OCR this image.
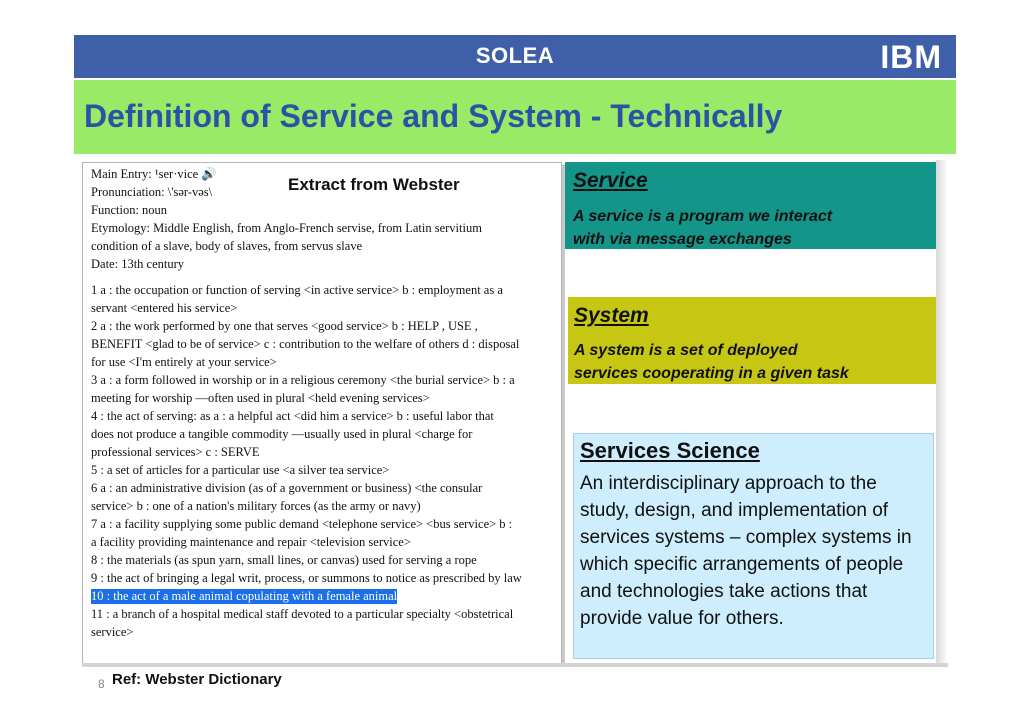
SOLEA	IBM
Definition of Service and System - Technically
Extract from Webster
Main Entry: ¹ser·vice 🔊
Pronunciation: \'sər-vəs\
Function: noun
Etymology: Middle English, from Anglo-French servise, from Latin servitium
condition of a slave, body of slaves, from servus slave
Date: 13th century
1 a : the occupation or function of serving <in active service> b : employment as a
servant <entered his service>
2 a : the work performed by one that serves <good service> b : HELP , USE ,
BENEFIT <glad to be of service> c : contribution to the welfare of others d : disposal
for use <I'm entirely at your service>
3 a : a form followed in worship or in a religious ceremony <the burial service> b : a
meeting for worship —often used in plural <held evening services>
4 : the act of serving: as a : a helpful act <did him a service> b : useful labor that
does not produce a tangible commodity —usually used in plural <charge for
professional services> c : SERVE
5 : a set of articles for a particular use <a silver tea service>
6 a : an administrative division (as of a government or business) <the consular
service> b : one of a nation's military forces (as the army or navy)
7 a : a facility supplying some public demand <telephone service> <bus service> b :
a facility providing maintenance and repair <television service>
8 : the materials (as spun yarn, small lines, or canvas) used for serving a rope
9 : the act of bringing a legal writ, process, or summons to notice as prescribed by law
10 : the act of a male animal copulating with a female animal
11 : a branch of a hospital medical staff devoted to a particular specialty <obstetrical
service>
Service
A service is a program we interact
with via message exchanges
System
A system is a set of deployed
services cooperating in a given task
Services Science
An interdisciplinary approach to the study, design, and implementation of services systems – complex systems in which specific arrangements of people and technologies take actions that provide value for others.
8 Ref: Webster Dictionary
